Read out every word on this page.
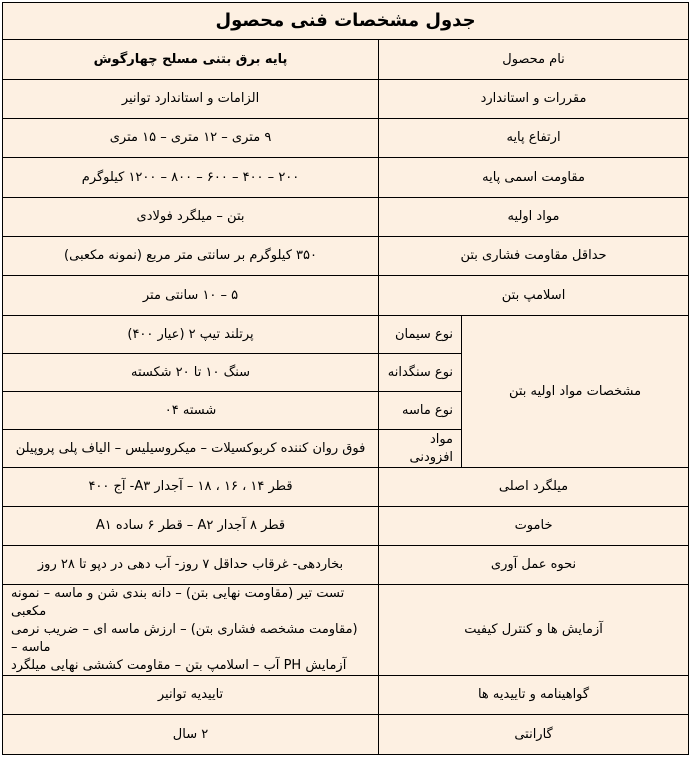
جدول مشخصات فنی محصول		
نام محصول		پایه برق بتنی مسلح چهارگوش
مقررات و استاندارد		الزامات و استاندارد توانیر
ارتفاع پایه		۹ متری – ۱۲ متری – ۱۵ متری
مقاومت اسمی پایه		۲۰۰ – ۴۰۰ – ۶۰۰ – ۸۰۰ – ۱۲۰۰ کیلوگرم
مواد اولیه		بتن – میلگرد فولادی
حداقل مقاومت فشاری بتن		۳۵۰ کیلوگرم بر سانتی متر مربع (نمونه مکعبی)
اسلامپ بتن		۵ – ۱۰ سانتی متر
مشخصات مواد اولیه بتن	نوع سیمان	پرتلند تیپ ۲ (عیار ۴۰۰)
	نوع سنگدانه	سنگ ۱۰ تا ۲۰ شکسته
	نوع ماسه	شسته ۰۴
	مواد افزودنی	فوق روان کننده کربوکسیلات – میکروسیلیس – الیاف پلی پروپیلن
میلگرد اصلی		قطر ۱۴ ، ۱۶ ، ۱۸ – آجدار A۳- آج ۴۰۰
خاموت		قطر ۸ آجدار A۲ – قطر ۶ ساده A۱
نحوه عمل آوری		بخاردهی- غرقاب حداقل ۷ روز- آب دهی در دپو تا ۲۸ روز
آزمایش ها و کنترل کیفیت		تست تیر (مقاومت نهایی بتن) – دانه بندی شن و ماسه – نمونه مکعبی
(مقاومت مشخصه فشاری بتن) – ارزش ماسه ای – ضریب نرمی ماسه –
آزمایش PH آب – اسلامپ بتن – مقاومت کششی نهایی میلگرد

گواهینامه و تاییدیه ها		تاییدیه توانیر
گارانتی		۲ سال
